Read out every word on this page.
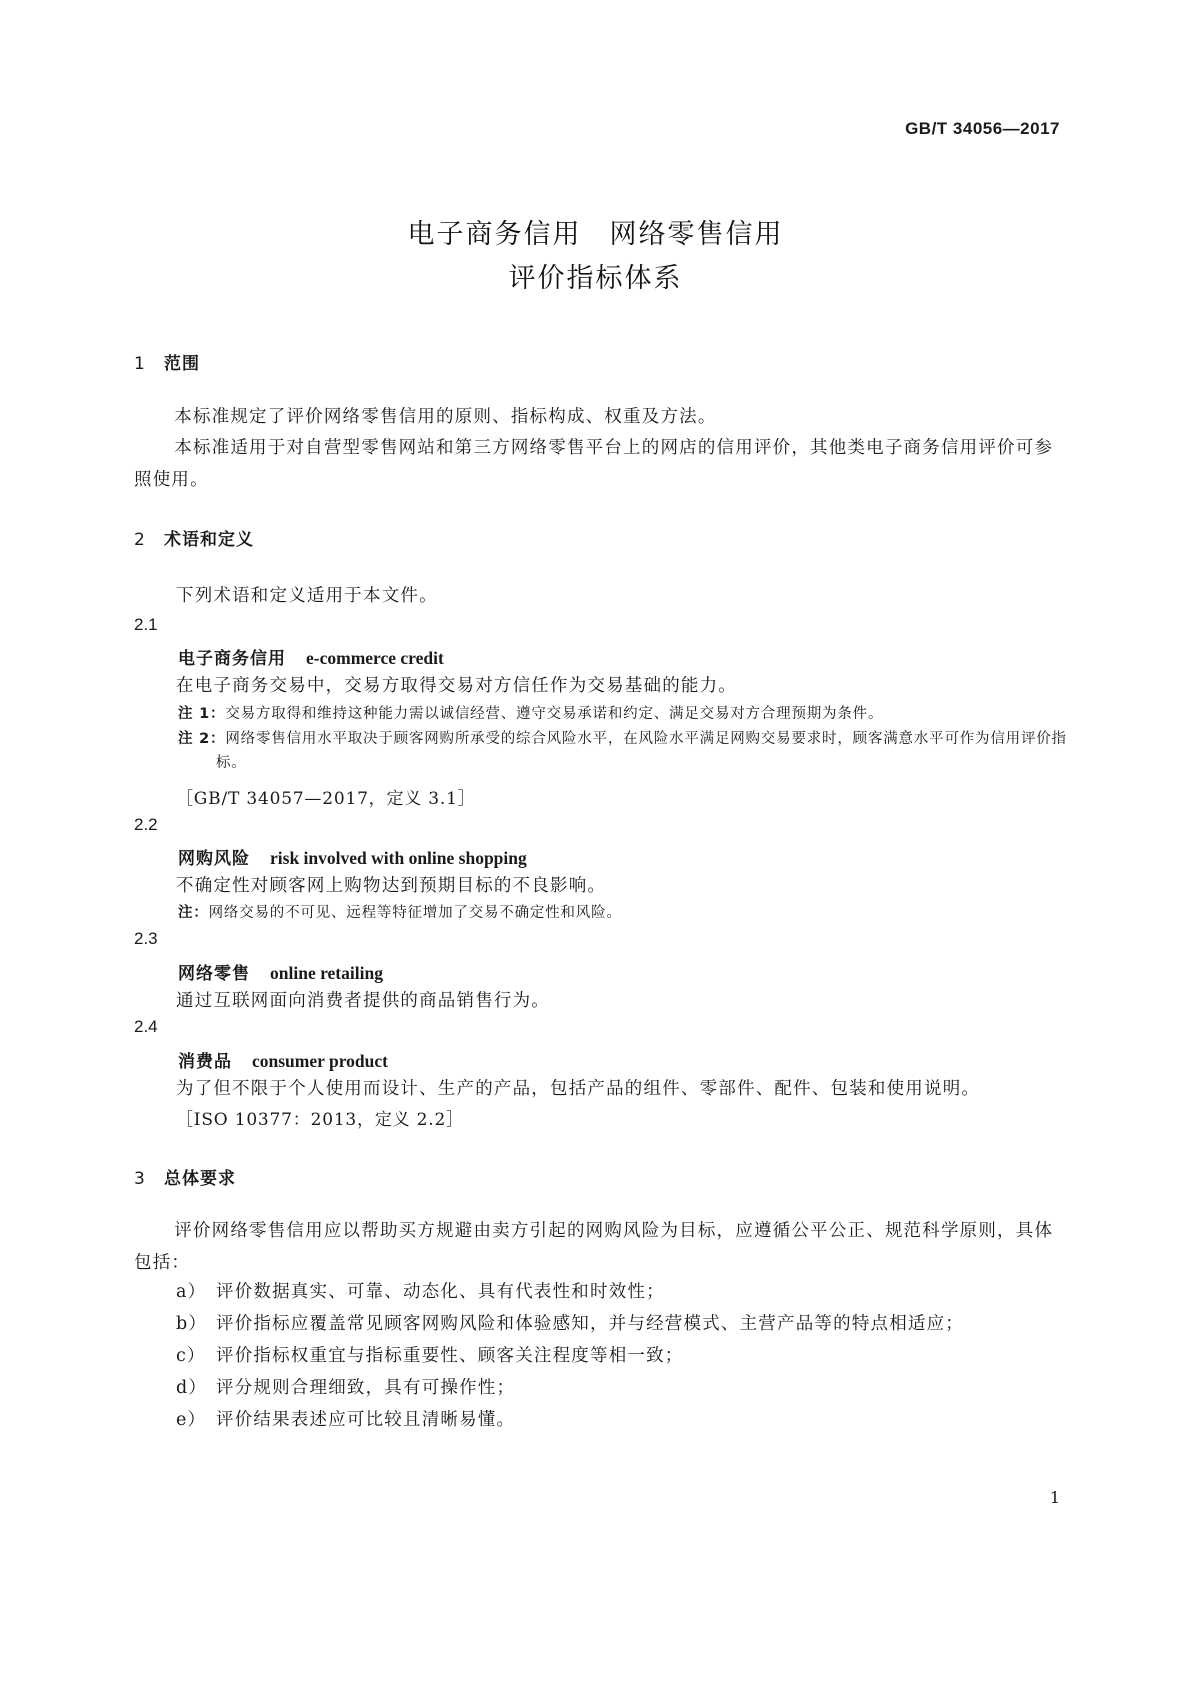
GB/T 34056—2017
电子商务信用 网络零售信用
评价指标体系
1 范围
本标准规定了评价网络零售信用的原则、指标构成、权重及方法。
本标准适用于对自营型零售网站和第三方网络零售平台上的网店的信用评价，其他类电子商务信用评价可参照使用。
2 术语和定义
下列术语和定义适用于本文件。
2.1
电子商务信用 e-commerce credit
在电子商务交易中，交易方取得交易对方信任作为交易基础的能力。
注 1：交易方取得和维持这种能力需以诚信经营、遵守交易承诺和约定、满足交易对方合理预期为条件。
注 2：网络零售信用水平取决于顾客网购所承受的综合风险水平，在风险水平满足网购交易要求时，顾客满意水平可作为信用评价指标。
［GB/T 34057—2017，定义 3.1］
2.2
网购风险 risk involved with online shopping
不确定性对顾客网上购物达到预期目标的不良影响。
注：网络交易的不可见、远程等特征增加了交易不确定性和风险。
2.3
网络零售 online retailing
通过互联网面向消费者提供的商品销售行为。
2.4
消费品 consumer product
为了但不限于个人使用而设计、生产的产品，包括产品的组件、零部件、配件、包装和使用说明。
［ISO 10377：2013，定义 2.2］
3 总体要求
评价网络零售信用应以帮助买方规避由卖方引起的网购风险为目标，应遵循公平公正、规范科学原则，具体包括：
a） 评价数据真实、可靠、动态化、具有代表性和时效性；
b） 评价指标应覆盖常见顾客网购风险和体验感知，并与经营模式、主营产品等的特点相适应；
c） 评价指标权重宜与指标重要性、顾客关注程度等相一致；
d） 评分规则合理细致，具有可操作性；
e） 评价结果表述应可比较且清晰易懂。
1
